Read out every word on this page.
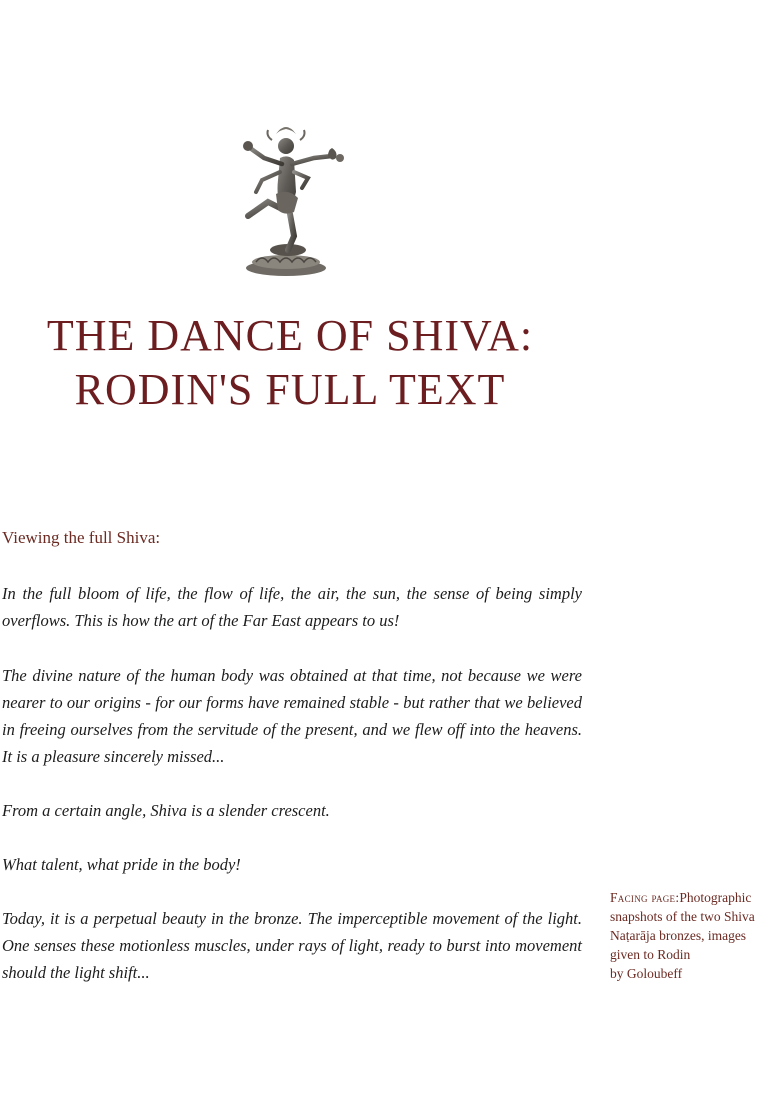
THE DANCE OF SHIVA:
RODIN'S FULL TEXT
Viewing the full Shiva:

In the full bloom of life, the flow of life, the air, the sun, the sense of being simply overflows. This is how the art of the Far East appears to us!

The divine nature of the human body was obtained at that time, not because we were nearer to our origins - for our forms have remained stable - but rather that we believed in freeing ourselves from the servitude of the present, and we flew off into the heavens. It is a pleasure sincerely missed...

From a certain angle, Shiva is a slender crescent.

What talent, what pride in the body!

Today, it is a perpetual beauty in the bronze. The imperceptible movement of the light. One senses these motionless muscles, under rays of light, ready to burst into movement should the light shift...

Facing page:Photographic
snapshots of the two Shiva
Naṭarāja bronzes, images
given to Rodin
by Goloubeff
